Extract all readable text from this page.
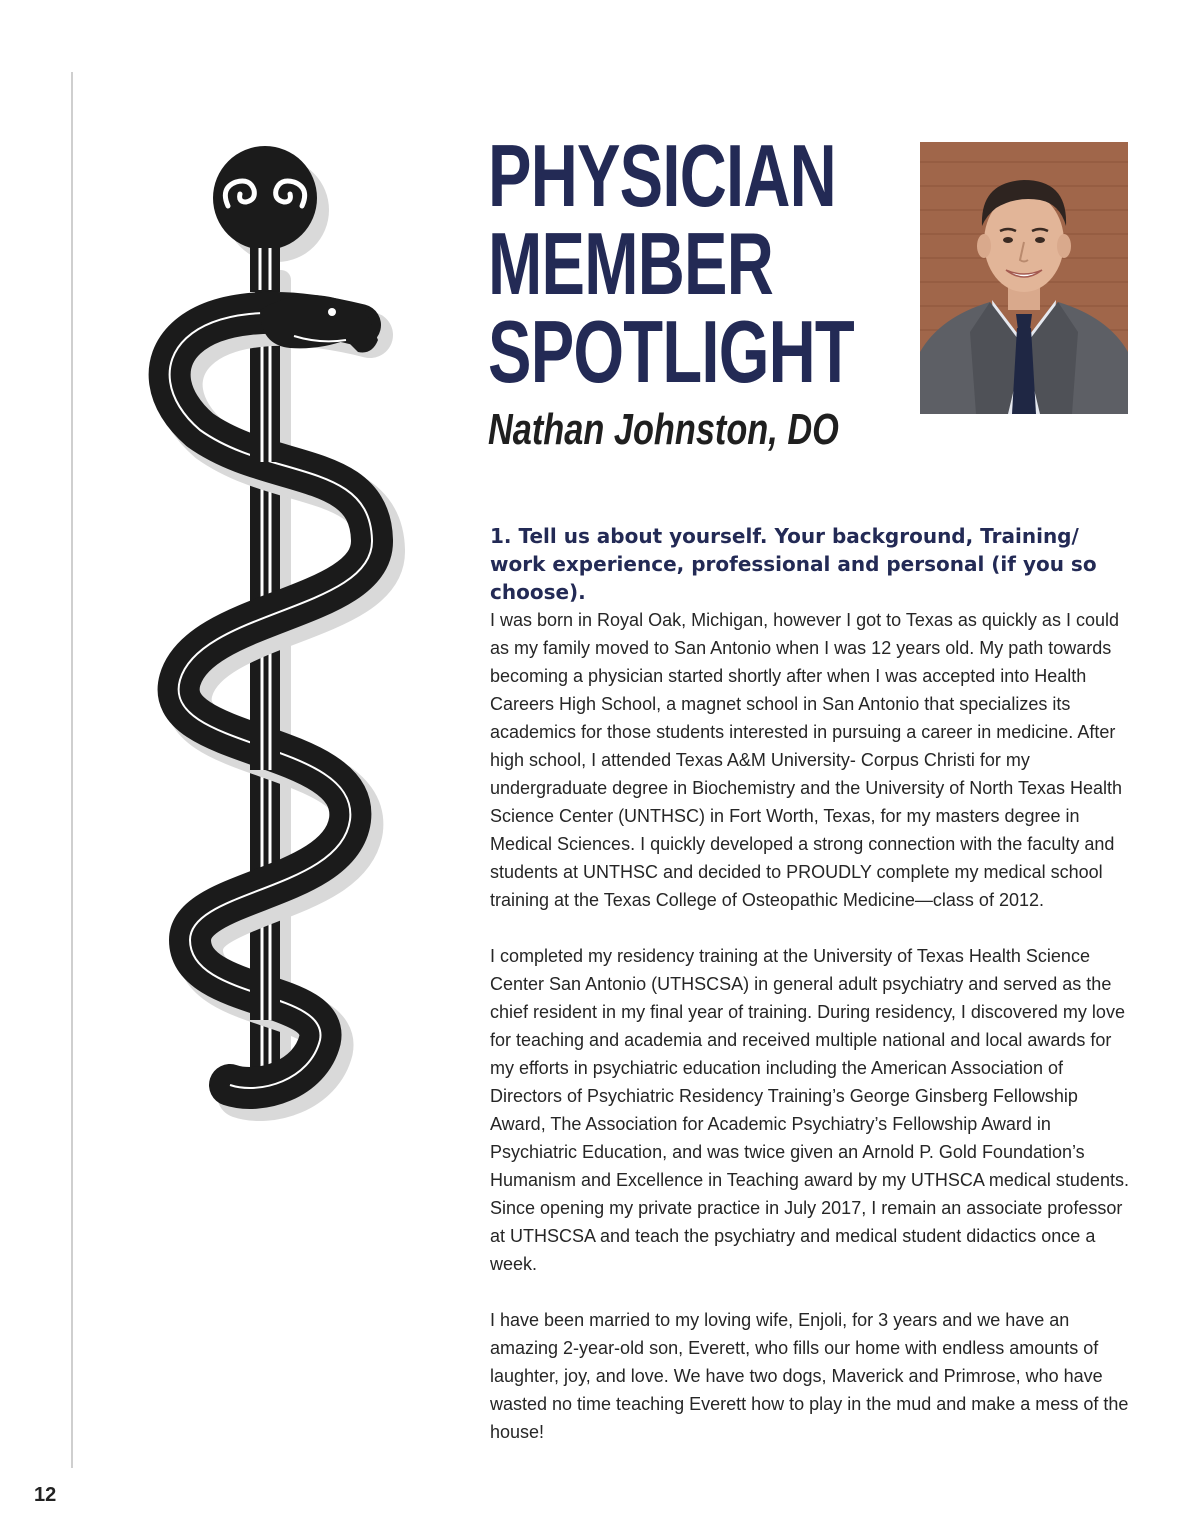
PHYSICIAN
MEMBER
SPOTLIGHT
Nathan Johnston, DO
1. Tell us about yourself. Your background, Training/ work experience, professional and personal (if you so choose).

I was born in Royal Oak, Michigan, however I got to Texas as quickly as I could as my family moved to San Antonio when I was 12 years old. My path towards becoming a physician started shortly after when I was accepted into Health Careers High School, a magnet school in San Antonio that specializes its academics for those students interested in pursuing a career in medicine. After high school, I attended Texas A&M University- Corpus Christi for my undergraduate degree in Biochemistry and the University of North Texas Health Science Center (UNTHSC) in Fort Worth, Texas, for my masters degree in Medical Sciences. I quickly developed a strong connection with the faculty and students at UNTHSC and decided to PROUDLY complete my medical school training at the Texas College of Osteopathic Medicine—class of 2012.

I completed my residency training at the University of Texas Health Science Center San Antonio (UTHSCSA) in general adult psychiatry and served as the chief resident in my final year of training. During residency, I discovered my love for teaching and academia and received multiple national and local awards for my efforts in psychiatric education including the American Association of Directors of Psychiatric Residency Training’s George Ginsberg Fellowship Award, The Association for Academic Psychiatry’s Fellowship Award in Psychiatric Education, and was twice given an Arnold P. Gold Foundation’s Humanism and Excellence in Teaching award by my UTHSCA medical students. Since opening my private practice in July 2017, I remain an associate professor at UTHSCSA and teach the psychiatry and medical student didactics once a week.

I have been married to my loving wife, Enjoli, for 3 years and we have an amazing 2-year-old son, Everett, who fills our home with endless amounts of laughter, joy, and love. We have two dogs, Maverick and Primrose, who have wasted no time teaching Everett how to play in the mud and make a mess of the house!

12
